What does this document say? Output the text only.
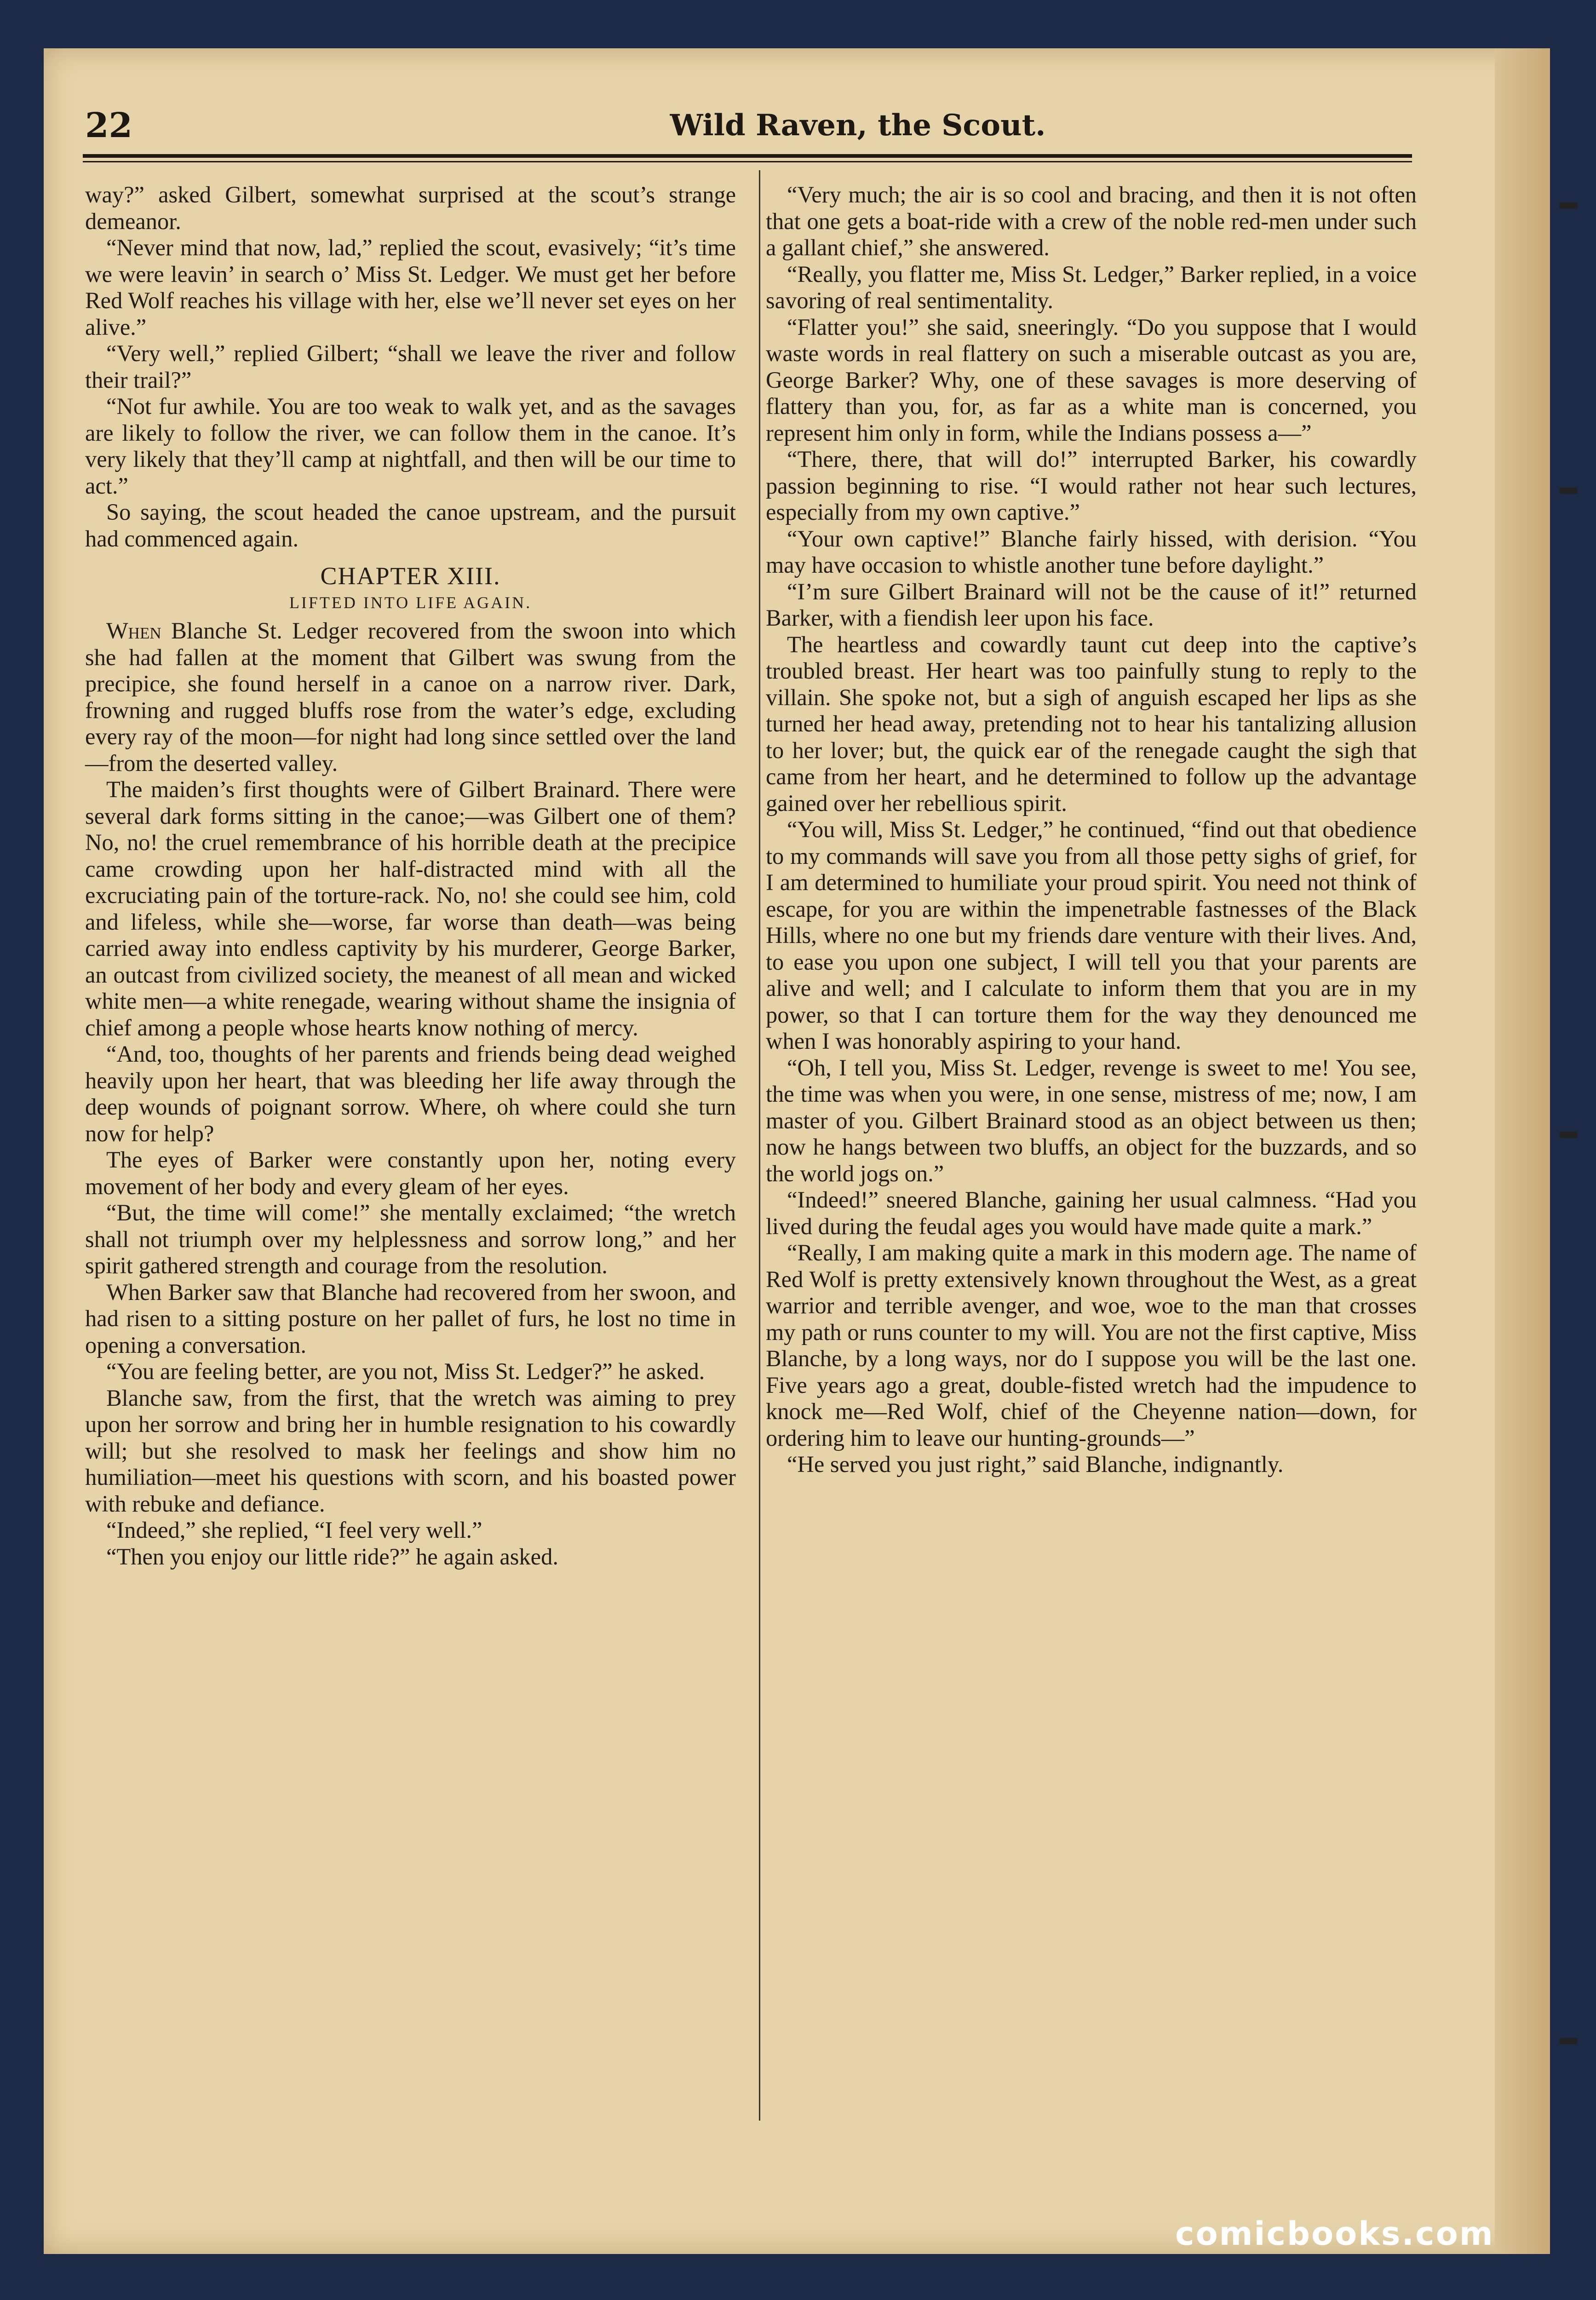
22	Wild Raven, the Scout.

way?” asked Gilbert, somewhat surprised at the scout’s strange demeanor.

“Never mind that now, lad,” replied the scout, evasively; “it’s time we were leavin’ in search o’ Miss St. Ledger. We must get her before Red Wolf reaches his village with her, else we’ll never set eyes on her alive.”

“Very well,” replied Gilbert; “shall we leave the river and follow their trail?”

“Not fur awhile. You are too weak to walk yet, and as the savages are likely to follow the river, we can follow them in the canoe. It’s very likely that they’ll camp at nightfall, and then will be our time to act.”

So saying, the scout headed the canoe upstream, and the pursuit had commenced again.

CHAPTER XIII.
LIFTED INTO LIFE AGAIN.

When Blanche St. Ledger recovered from the swoon into which she had fallen at the moment that Gilbert was swung from the precipice, she found herself in a canoe on a narrow river. Dark, frowning and rugged bluffs rose from the water’s edge, excluding every ray of the moon—for night had long since settled over the land —from the deserted valley.

The maiden’s first thoughts were of Gilbert Brainard. There were several dark forms sitting in the canoe;—was Gilbert one of them? No, no! the cruel remembrance of his horrible death at the precipice came crowding upon her half-distracted mind with all the excruciating pain of the torture-rack. No, no! she could see him, cold and lifeless, while she—worse, far worse than death—was being carried away into endless captivity by his murderer, George Barker, an outcast from civilized society, the meanest of all mean and wicked white men—a white renegade, wearing without shame the insignia of chief among a people whose hearts know nothing of mercy.

“And, too, thoughts of her parents and friends being dead weighed heavily upon her heart, that was bleeding her life away through the deep wounds of poignant sorrow. Where, oh where could she turn now for help?

The eyes of Barker were constantly upon her, noting every movement of her body and every gleam of her eyes.

“But, the time will come!” she mentally exclaimed; “the wretch shall not triumph over my helplessness and sorrow long,” and her spirit gathered strength and courage from the resolution.

When Barker saw that Blanche had recovered from her swoon, and had risen to a sitting posture on her pallet of furs, he lost no time in opening a conversation.

“You are feeling better, are you not, Miss St. Ledger?” he asked.

Blanche saw, from the first, that the wretch was aiming to prey upon her sorrow and bring her in humble resignation to his cowardly will; but she resolved to mask her feelings and show him no humiliation—meet his questions with scorn, and his boasted power with rebuke and defiance.

“Indeed,” she replied, “I feel very well.”

“Then you enjoy our little ride?” he again asked.

“Very much; the air is so cool and bracing, and then it is not often that one gets a boat-ride with a crew of the noble red-men under such a gallant chief,” she answered.

“Really, you flatter me, Miss St. Ledger,” Barker replied, in a voice savoring of real sentimentality.

“Flatter you!” she said, sneeringly. “Do you suppose that I would waste words in real flattery on such a miserable outcast as you are, George Barker? Why, one of these savages is more deserving of flattery than you, for, as far as a white man is concerned, you represent him only in form, while the Indians possess a—”

“There, there, that will do!” interrupted Barker, his cowardly passion beginning to rise. “I would rather not hear such lectures, especially from my own captive.”

“Your own captive!” Blanche fairly hissed, with derision. “You may have occasion to whistle another tune before daylight.”

“I’m sure Gilbert Brainard will not be the cause of it!” returned Barker, with a fiendish leer upon his face.

The heartless and cowardly taunt cut deep into the captive’s troubled breast. Her heart was too painfully stung to reply to the villain. She spoke not, but a sigh of anguish escaped her lips as she turned her head away, pretending not to hear his tantalizing allusion to her lover; but, the quick ear of the renegade caught the sigh that came from her heart, and he determined to follow up the advantage gained over her rebellious spirit.

“You will, Miss St. Ledger,” he continued, “find out that obedience to my commands will save you from all those petty sighs of grief, for I am determined to humiliate your proud spirit. You need not think of escape, for you are within the impenetrable fastnesses of the Black Hills, where no one but my friends dare venture with their lives. And, to ease you upon one subject, I will tell you that your parents are alive and well; and I calculate to inform them that you are in my power, so that I can torture them for the way they denounced me when I was honorably aspiring to your hand.

“Oh, I tell you, Miss St. Ledger, revenge is sweet to me! You see, the time was when you were, in one sense, mistress of me; now, I am master of you. Gilbert Brainard stood as an object between us then; now he hangs between two bluffs, an object for the buzzards, and so the world jogs on.”

“Indeed!” sneered Blanche, gaining her usual calmness. “Had you lived during the feudal ages you would have made quite a mark.”

“Really, I am making quite a mark in this modern age. The name of Red Wolf is pretty extensively known throughout the West, as a great warrior and terrible avenger, and woe, woe to the man that crosses my path or runs counter to my will. You are not the first captive, Miss Blanche, by a long ways, nor do I suppose you will be the last one. Five years ago a great, double-fisted wretch had the impudence to knock me—Red Wolf, chief of the Cheyenne nation—down, for ordering him to leave our hunting-grounds—”

“He served you just right,” said Blanche, indignantly.

comicbooks.com
